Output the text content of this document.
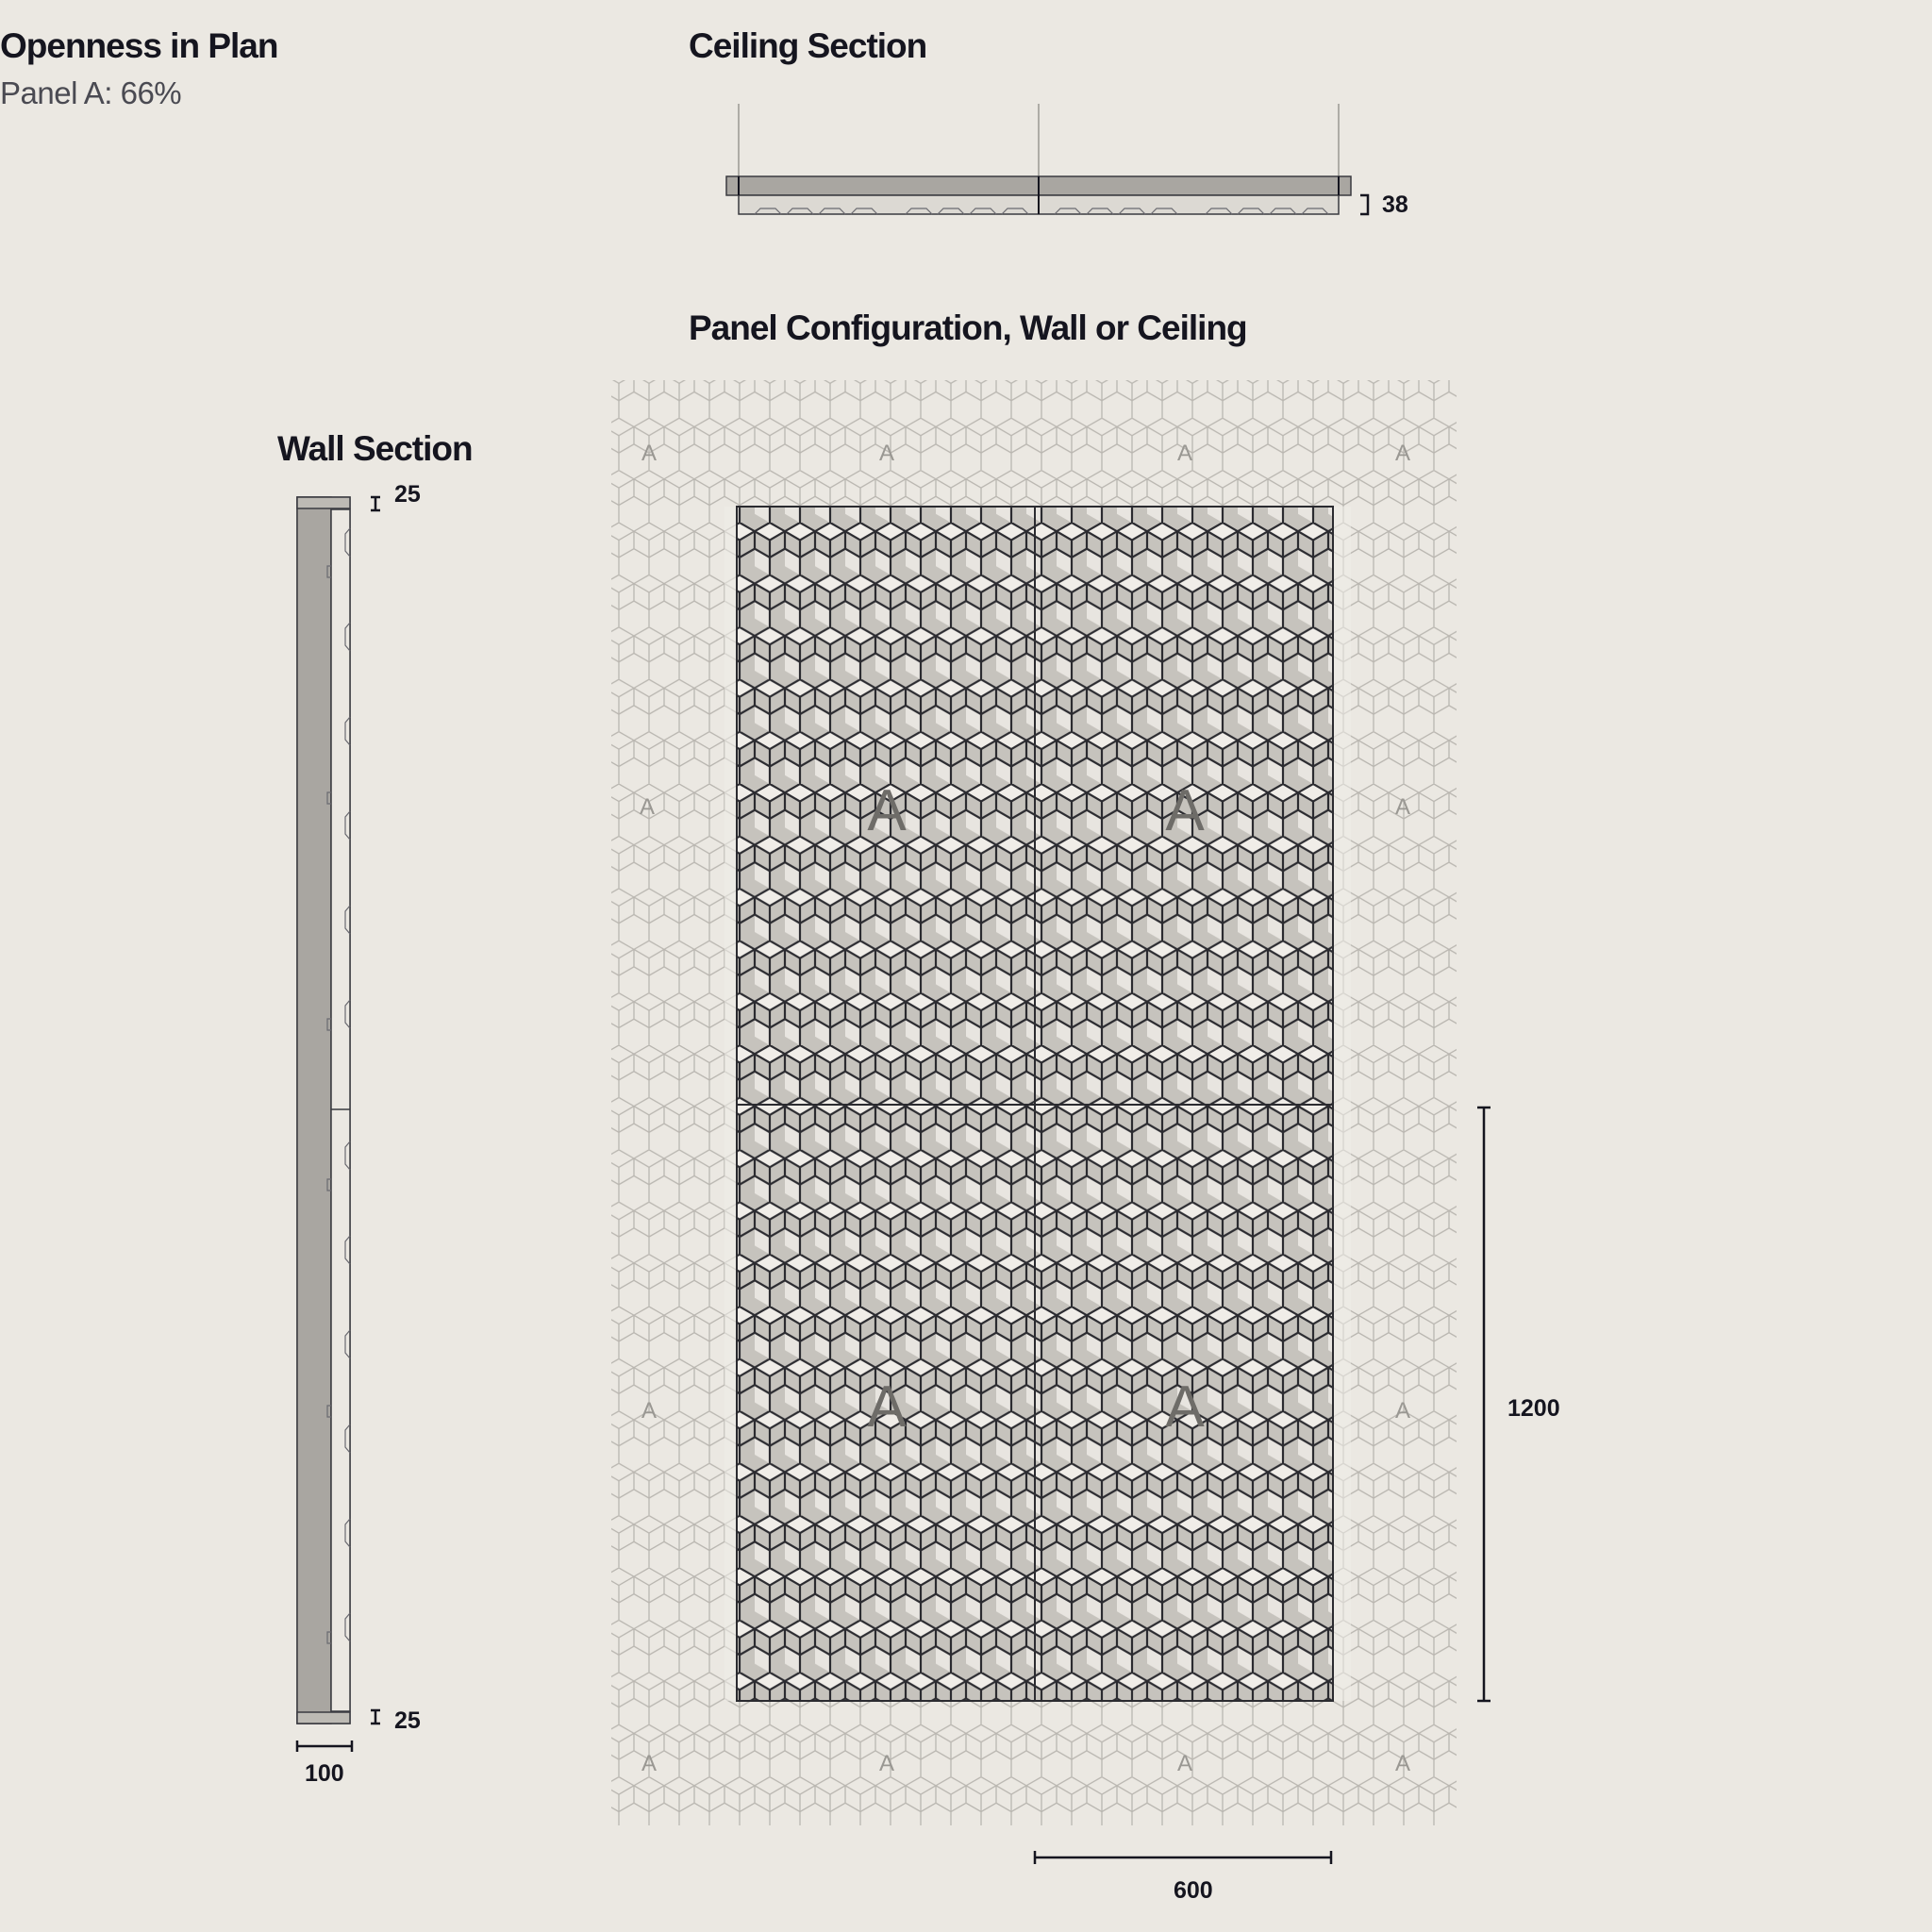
Openness in Plan
Panel A: 66%
Ceiling Section
Panel Configuration, Wall or Ceiling
Wall Section
A	A
A	A
A	A	A	A
A	A
A	A
A	A	A	A
38
25
25
100
1200
600
